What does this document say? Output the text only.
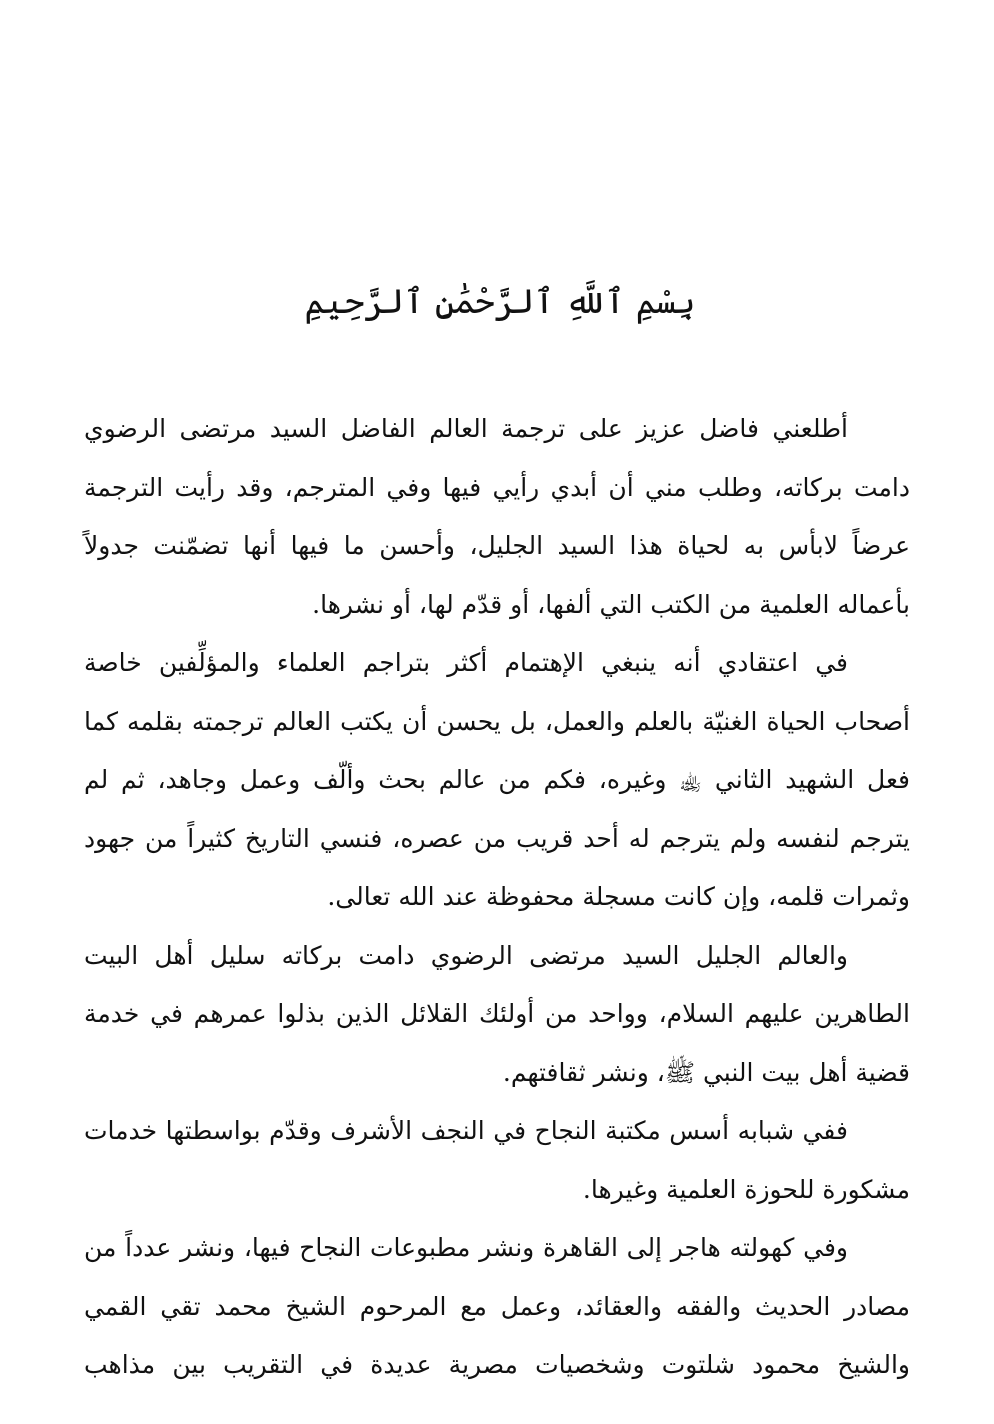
بِسْمِ ٱللَّهِ ٱلرَّحْمَٰنِ ٱلرَّحِيمِ

أطلعني فاضل عزيز على ترجمة العالم الفاضل السيد مرتضى الرضوي دامت بركاته، وطلب مني أن أبدي رأيي فيها وفي المترجم، وقد رأيت الترجمة عرضاً لابأس به لحياة هذا السيد الجليل، وأحسن ما فيها أنها تضمّنت جدولاً بأعماله العلمية من الكتب التي ألفها، أو قدّم لها، أو نشرها.

في اعتقادي أنه ينبغي الإهتمام أكثر بتراجم العلماء والمؤلِّفين خاصة أصحاب الحياة الغنيّة بالعلم والعمل، بل يحسن أن يكتب العالم ترجمته بقلمه كما فعل الشهيد الثاني ﵀ وغيره، فكم من عالم بحث وألّف وعمل وجاهد، ثم لم يترجم لنفسه ولم يترجم له أحد قريب من عصره، فنسي التاريخ كثيراً من جهود وثمرات قلمه، وإن كانت مسجلة محفوظة عند الله تعالى.

والعالم الجليل السيد مرتضى الرضوي دامت بركاته سليل أهل البيت الطاهرين عليهم السلام، وواحد من أولئك القلائل الذين بذلوا عمرهم في خدمة قضية أهل بيت النبي ﷺ، ونشر ثقافتهم.

ففي شبابه أسس مكتبة النجاح في النجف الأشرف وقدّم بواسطتها خدمات مشكورة للحوزة العلمية وغيرها.

وفي كهولته هاجر إلى القاهرة ونشر مطبوعات النجاح فيها، ونشر عدداً من مصادر الحديث والفقه والعقائد، وعمل مع المرحوم الشيخ محمد تقي القمي والشيخ محمود شلتوت وشخصيات مصرية عديدة في التقريب بين مذاهب
